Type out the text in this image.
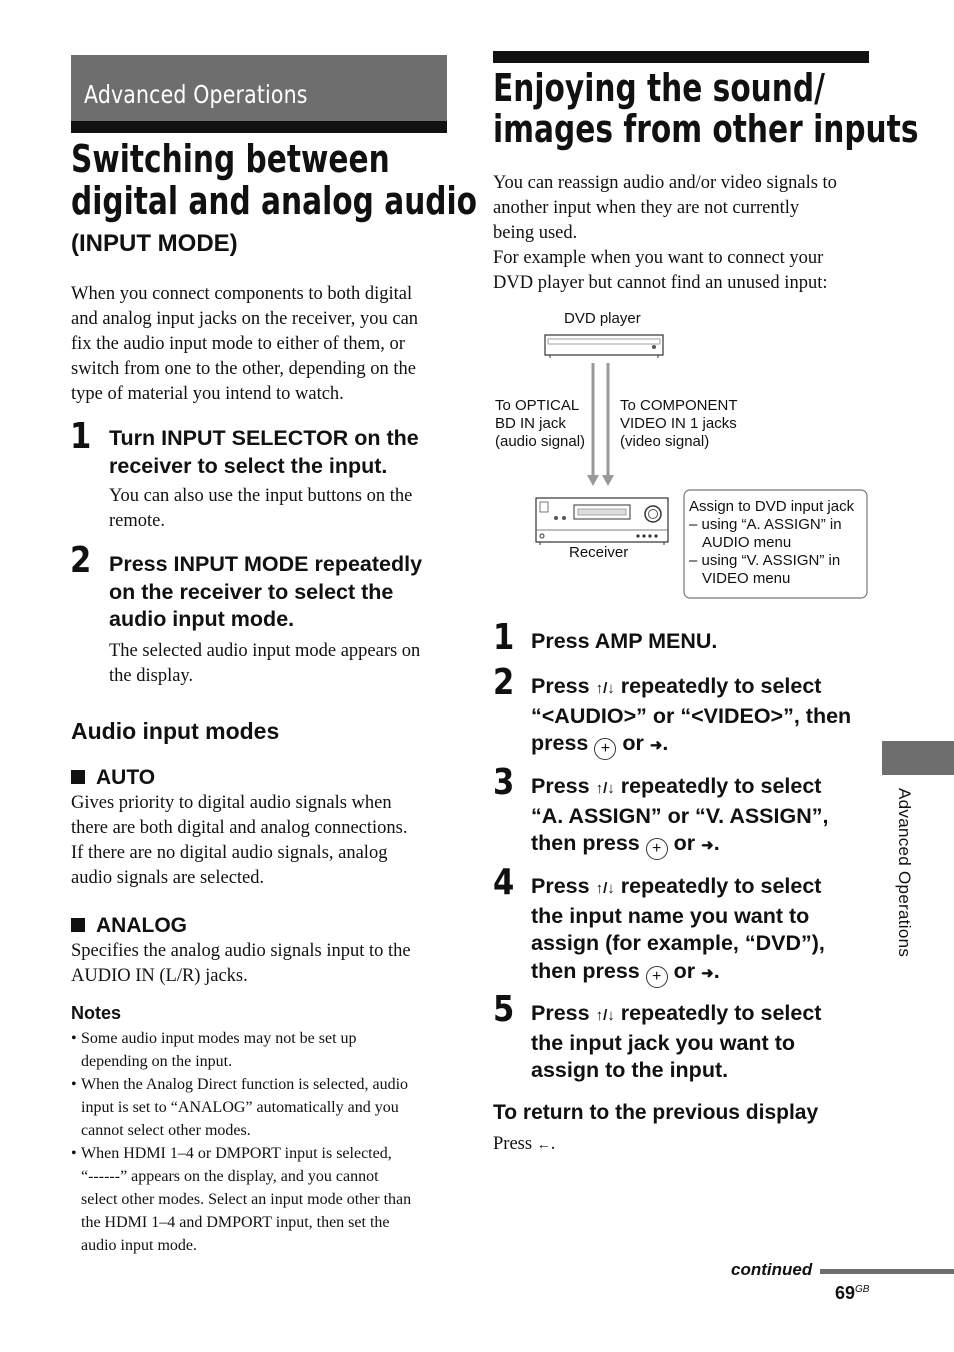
Advanced Operations
Switching between
digital and analog audio
(INPUT MODE)
When you connect components to both digital
and analog input jacks on the receiver, you can
fix the audio input mode to either of them, or
switch from one to the other, depending on the
type of material you intend to watch.
1 Turn INPUT SELECTOR on the
receiver to select the input.
You can also use the input buttons on the
remote.
2 Press INPUT MODE repeatedly
on the receiver to select the
audio input mode.
The selected audio input mode appears on
the display.
Audio input modes
AUTO
Gives priority to digital audio signals when
there are both digital and analog connections.
If there are no digital audio signals, analog
audio signals are selected.
ANALOG
Specifies the analog audio signals input to the
AUDIO IN (L/R) jacks.
Notes
• Some audio input modes may not be set up
depending on the input.
• When the Analog Direct function is selected, audio
input is set to “ANALOG” automatically and you
cannot select other modes.
• When HDMI 1–4 or DMPORT input is selected,
“------” appears on the display, and you cannot
select other modes. Select an input mode other than
the HDMI 1–4 and DMPORT input, then set the
audio input mode.
Enjoying the sound/
images from other inputs
You can reassign audio and/or video signals to
another input when they are not currently
being used.
For example when you want to connect your
DVD player but cannot find an unused input:
DVD player
To OPTICAL
BD IN jack
(audio signal)
To COMPONENT
VIDEO IN 1 jacks
(video signal)
Receiver
Assign to DVD input jack
– using “A. ASSIGN” in
AUDIO menu
– using “V. ASSIGN” in
VIDEO menu
1 Press AMP MENU.
2 Press ↑/↓ repeatedly to select
“<AUDIO>” or “<VIDEO>”, then
press + or ➜.
3 Press ↑/↓ repeatedly to select
“A. ASSIGN” or “V. ASSIGN”,
then press + or ➜.
4 Press ↑/↓ repeatedly to select
the input name you want to
assign (for example, “DVD”),
then press + or ➜.
5 Press ↑/↓ repeatedly to select
the input jack you want to
assign to the input.
To return to the previous display
Press ←.
Advanced Operations
continued
$69^{GB}$
